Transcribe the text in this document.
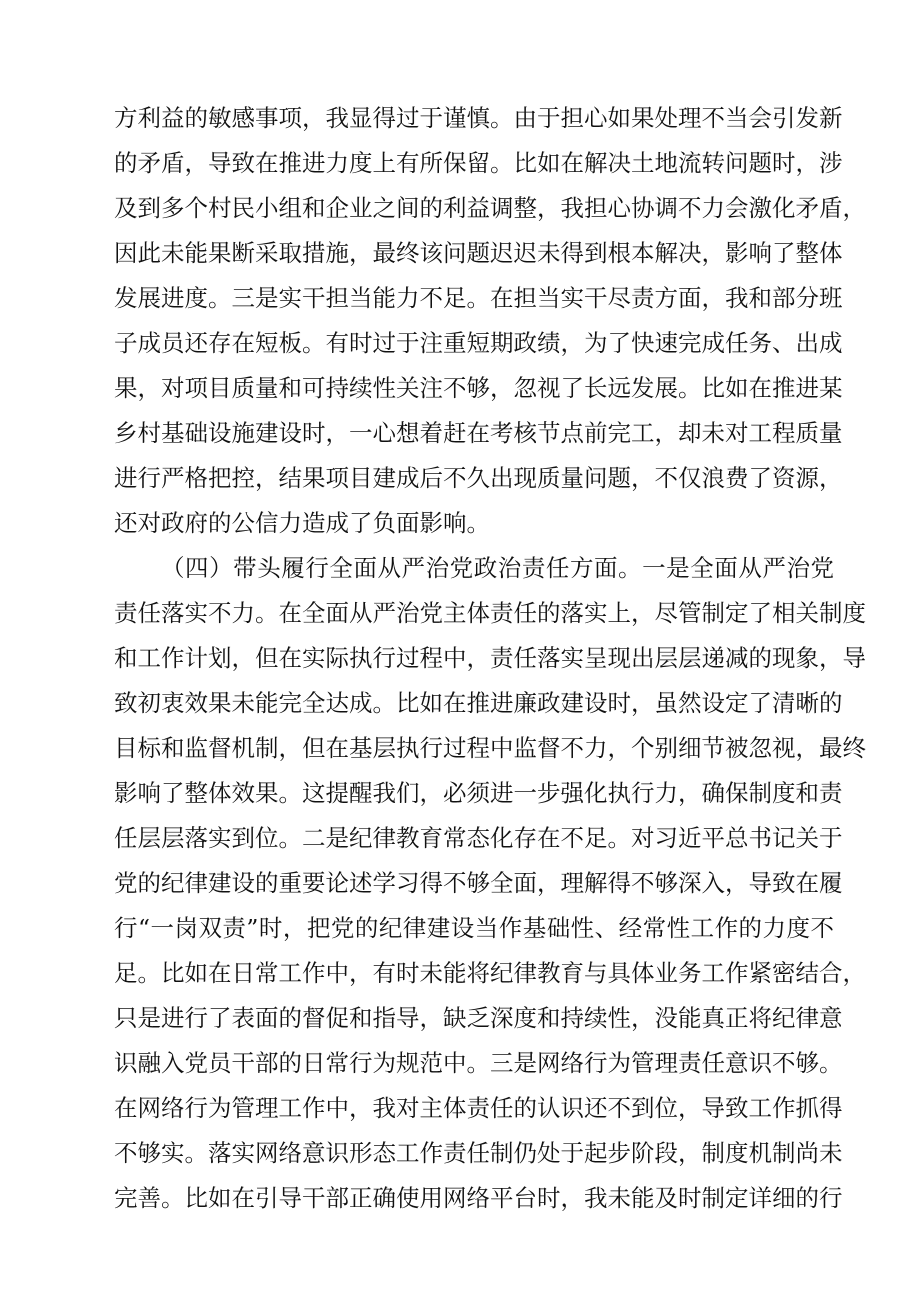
方利益的敏感事项，我显得过于谨慎。由于担心如果处理不当会引发新
的矛盾，导致在推进力度上有所保留。比如在解决土地流转问题时，涉
及到多个村民小组和企业之间的利益调整，我担心协调不力会激化矛盾，
因此未能果断采取措施，最终该问题迟迟未得到根本解决，影响了整体
发展进度。三是实干担当能力不足。在担当实干尽责方面，我和部分班
子成员还存在短板。有时过于注重短期政绩，为了快速完成任务、出成
果，对项目质量和可持续性关注不够，忽视了长远发展。比如在推进某
乡村基础设施建设时，一心想着赶在考核节点前完工，却未对工程质量
进行严格把控，结果项目建成后不久出现质量问题，不仅浪费了资源，
还对政府的公信力造成了负面影响。
（四）带头履行全面从严治党政治责任方面。一是全面从严治党
责任落实不力。在全面从严治党主体责任的落实上，尽管制定了相关制度
和工作计划，但在实际执行过程中，责任落实呈现出层层递减的现象，导
致初衷效果未能完全达成。比如在推进廉政建设时，虽然设定了清晰的
目标和监督机制，但在基层执行过程中监督不力，个别细节被忽视，最终
影响了整体效果。这提醒我们，必须进一步强化执行力，确保制度和责
任层层落实到位。二是纪律教育常态化存在不足。对习近平总书记关于
党的纪律建设的重要论述学习得不够全面，理解得不够深入，导致在履
行“一岗双责”时，把党的纪律建设当作基础性、经常性工作的力度不
足。比如在日常工作中，有时未能将纪律教育与具体业务工作紧密结合，
只是进行了表面的督促和指导，缺乏深度和持续性，没能真正将纪律意
识融入党员干部的日常行为规范中。三是网络行为管理责任意识不够。
在网络行为管理工作中，我对主体责任的认识还不到位，导致工作抓得
不够实。落实网络意识形态工作责任制仍处于起步阶段，制度机制尚未
完善。比如在引导干部正确使用网络平台时，我未能及时制定详细的行
